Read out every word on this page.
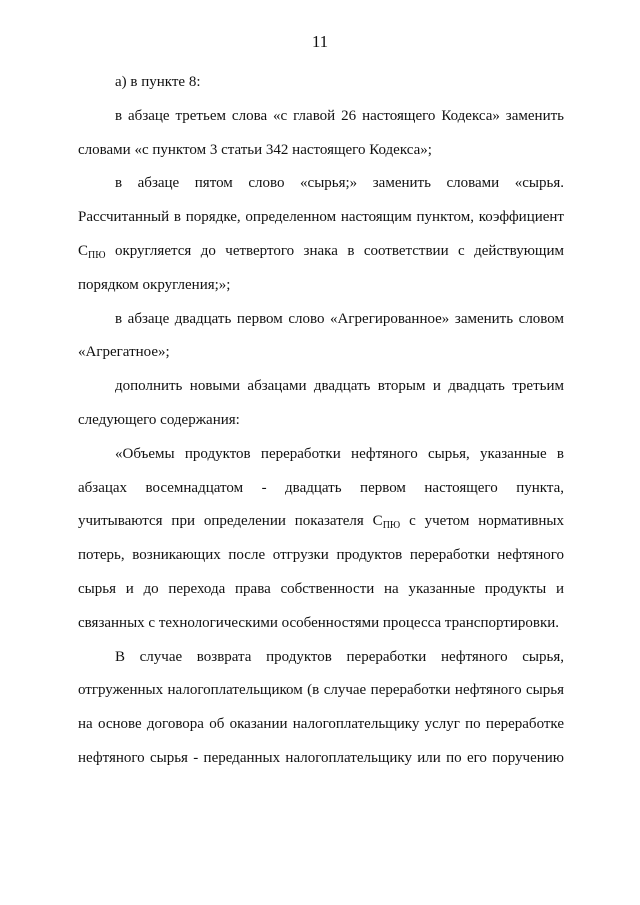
11
а) в пункте 8:
в абзаце третьем слова «с главой 26 настоящего Кодекса» заменить
словами «с пунктом 3 статьи 342 настоящего Кодекса»;
в абзаце пятом слово «сырья;» заменить словами «сырья.
Рассчитанный в порядке, определенном настоящим пунктом, коэффициент
$С_{ПЮ}$ округляется до четвертого знака в соответствии с действующим
порядком округления;»;
в абзаце двадцать первом слово «Агрегированное» заменить словом
«Агрегатное»;
дополнить новыми абзацами двадцать вторым и двадцать третьим
следующего содержания:
«Объемы продуктов переработки нефтяного сырья, указанные в
абзацах восемнадцатом - двадцать первом настоящего пункта,
учитываются при определении показателя $С_{ПЮ}$ с учетом нормативных
потерь, возникающих после отгрузки продуктов переработки нефтяного
сырья и до перехода права собственности на указанные продукты и
связанных с технологическими особенностями процесса транспортировки.
В случае возврата продуктов переработки нефтяного сырья,
отгруженных налогоплательщиком (в случае переработки нефтяного сырья
на основе договора об оказании налогоплательщику услуг по переработке
нефтяного сырья - переданных налогоплательщику или по его поручению
